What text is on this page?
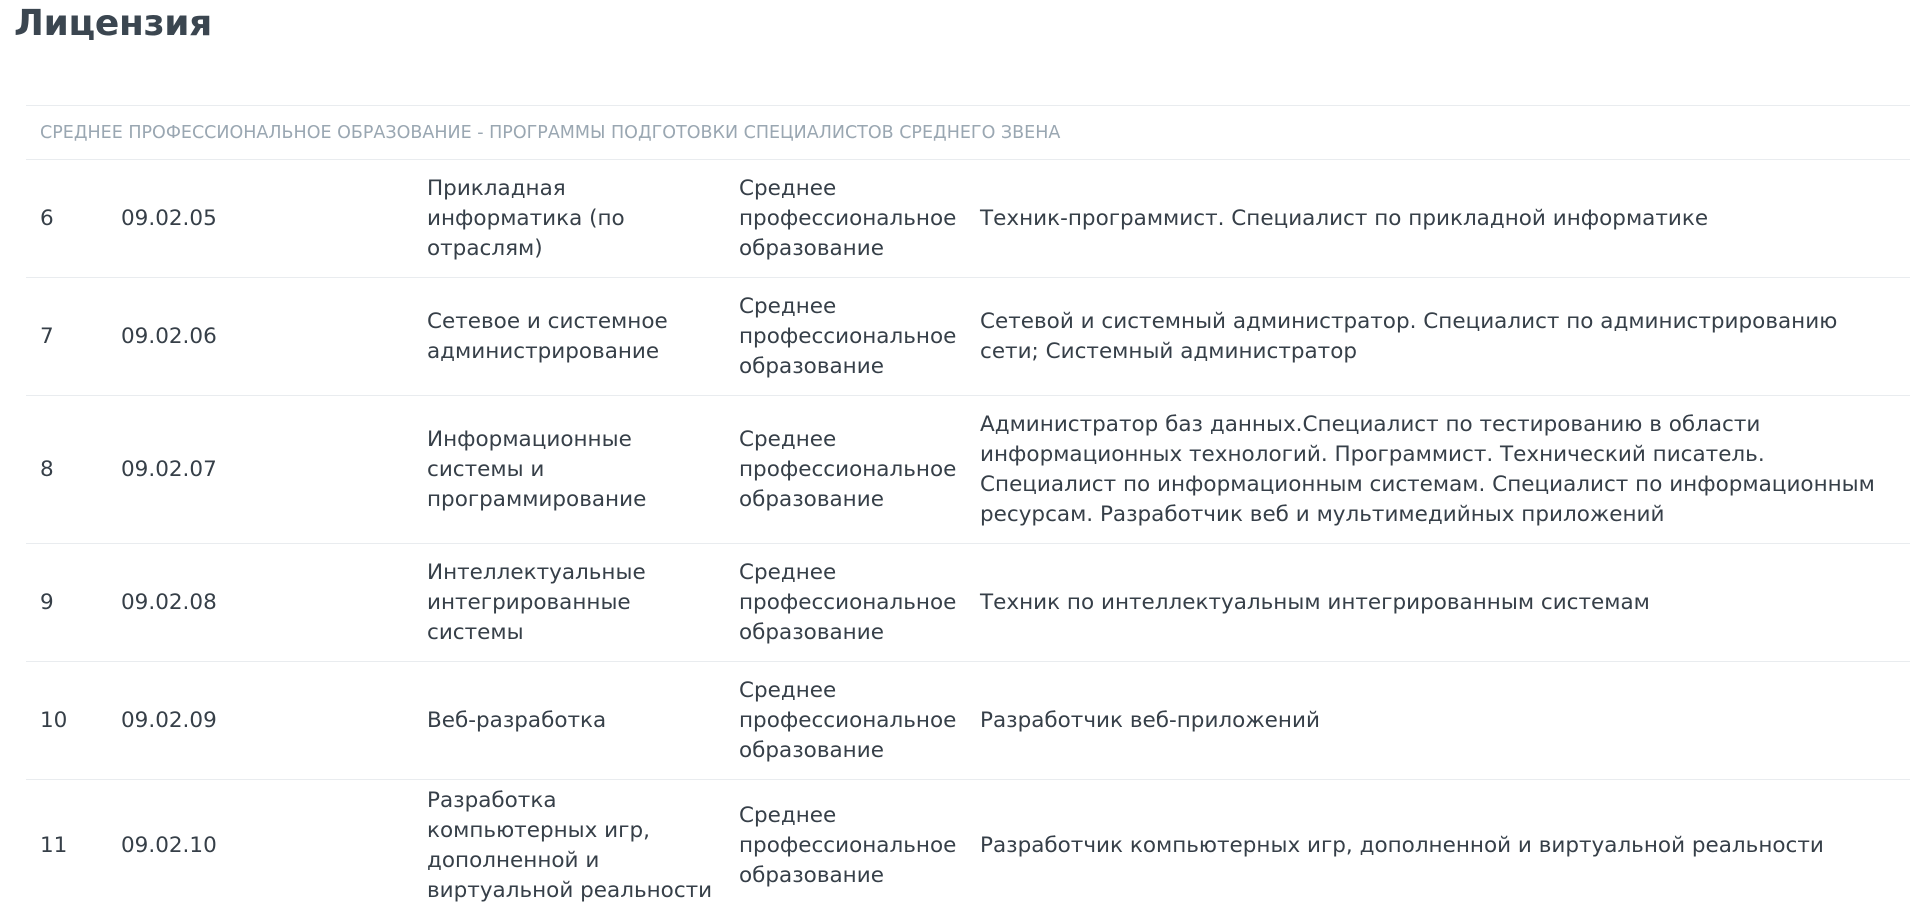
Лицензия
СРЕДНЕЕ ПРОФЕССИОНАЛЬНОЕ ОБРАЗОВАНИЕ - ПРОГРАММЫ ПОДГОТОВКИ СПЕЦИАЛИСТОВ СРЕДНЕГО ЗВЕНА				
6	09.02.05	Прикладная информатика (по отраслям)	Среднее профессиональное образование	Техник-программист. Специалист по прикладной информатике
7	09.02.06	Сетевое и системное администрирование	Среднее профессиональное образование	Сетевой и системный администратор. Специалист по администрированию сети; Системный администратор
8	09.02.07	Информационные системы и программирование	Среднее профессиональное образование	Администратор баз данных.Специалист по тестированию в области информационных технологий. Программист. Технический писатель. Специалист по информационным системам. Специалист по информационным ресурсам. Разработчик веб и мультимедийных приложений
9	09.02.08	Интеллектуальные интегрированные системы	Среднее профессиональное образование	Техник по интеллектуальным интегрированным системам
10	09.02.09	Веб-разработка	Среднее профессиональное образование	Разработчик веб-приложений
11	09.02.10	Разработка компьютерных игр, дополненной и виртуальной реальности	Среднее профессиональное образование	Разработчик компьютерных игр, дополненной и виртуальной реальности
